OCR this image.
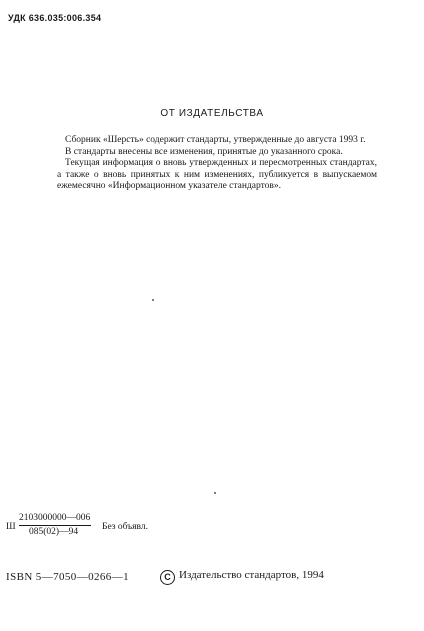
УДК 636.035:006.354
ОТ ИЗДАТЕЛЬСТВА

Сборник «Шерсть» содержит стандарты, утвержденные до августа 1993 г.

В стандарты внесены все изменения, принятые до указанного срока.

Текущая информация о вновь утвержденных и пересмотренных стандартах, а также о вновь принятых к ним изменениях, публикуется в выпускаемом ежемесячно «Информационном указателе стандартов».

Ш $\frac{2103000000—006}{085(02)—94}$ Без объявл.
ISBN 5—7050—0266—1	С Издательство стандартов, 1994
